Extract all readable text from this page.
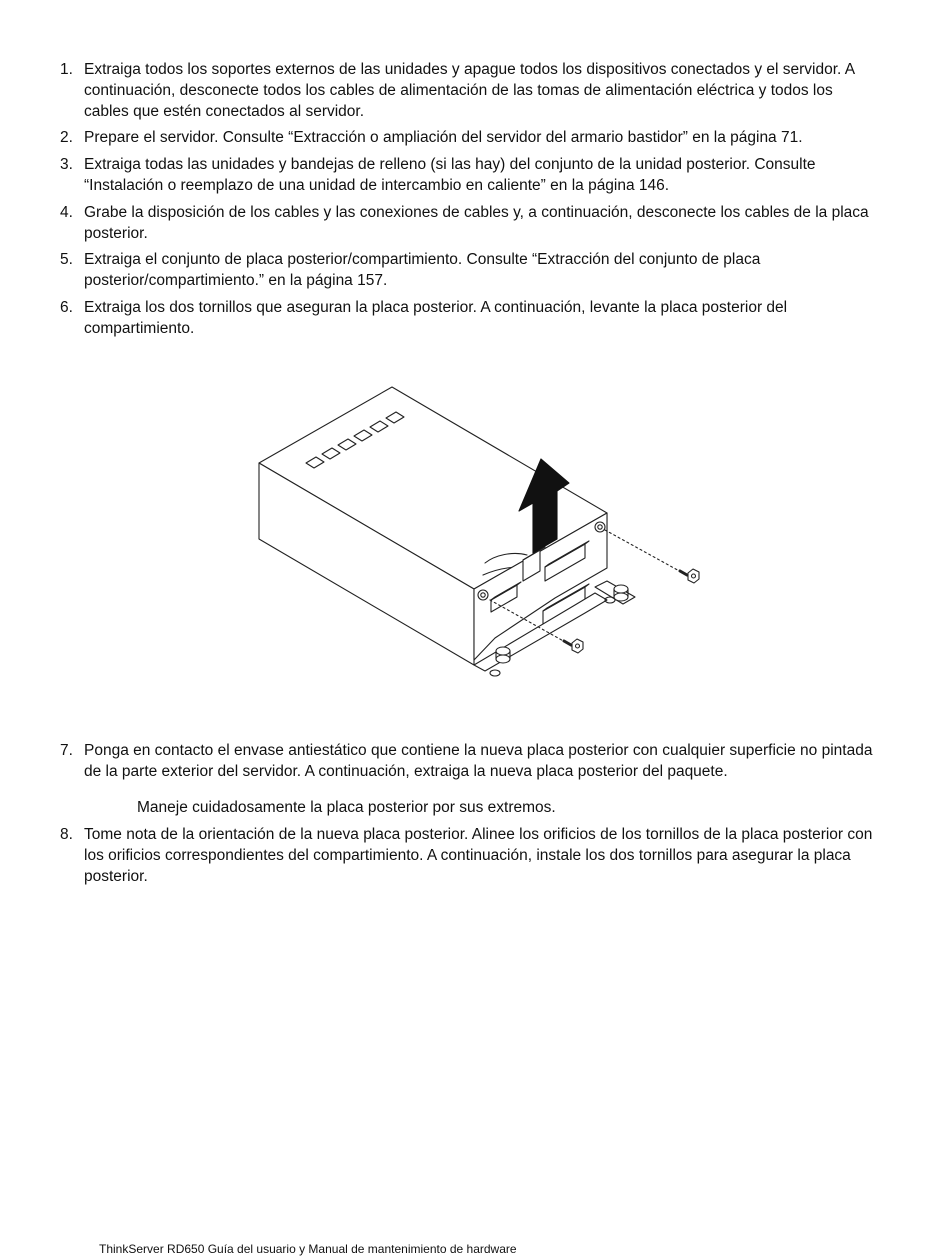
1. Extraiga todos los soportes externos de las unidades y apague todos los dispositivos conectados y el servidor. A continuación, desconecte todos los cables de alimentación de las tomas de alimentación eléctrica y todos los cables que estén conectados al servidor.
2. Prepare el servidor. Consulte “Extracción o ampliación del servidor del armario bastidor” en la página 71.
3. Extraiga todas las unidades y bandejas de relleno (si las hay) del conjunto de la unidad posterior. Consulte “Instalación o reemplazo de una unidad de intercambio en caliente” en la página 146.
4. Grabe la disposición de los cables y las conexiones de cables y, a continuación, desconecte los cables de la placa posterior.
5. Extraiga el conjunto de placa posterior/compartimiento. Consulte “Extracción del conjunto de placa posterior/compartimiento.” en la página 157.
6. Extraiga los dos tornillos que aseguran la placa posterior. A continuación, levante la placa posterior del compartimiento.
7. Ponga en contacto el envase antiestático que contiene la nueva placa posterior con cualquier superficie no pintada de la parte exterior del servidor. A continuación, extraiga la nueva placa posterior del paquete.
Maneje cuidadosamente la placa posterior por sus extremos.
8. Tome nota de la orientación de la nueva placa posterior. Alinee los orificios de los tornillos de la placa posterior con los orificios correspondientes del compartimiento. A continuación, instale los dos tornillos para asegurar la placa posterior.
ThinkServer RD650 Guía del usuario y Manual de mantenimiento de hardware
